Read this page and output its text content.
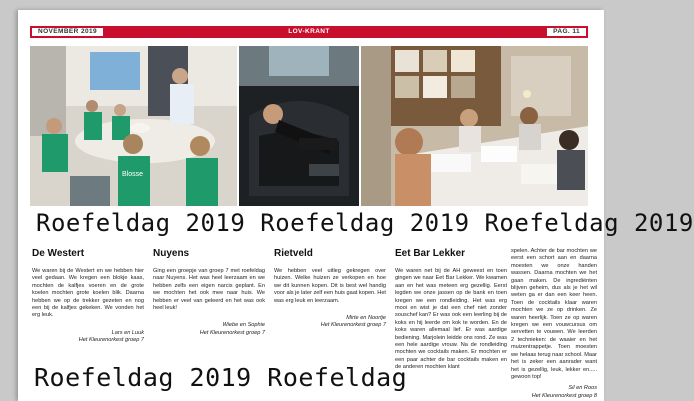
NOVEMBER 2019	LOV-KRANT	PAG. 11
Blosse
Roefeldag 2019 Roefeldag 2019 Roefeldag 2019
De Westert

We waren bij de Westert en we hebben hier veel gedaan. We kregen een blokje kaas, mochten de kalfjes voeren en de grote koelen mochten grote koelen blik. Daarna hebben we op de trekker gezeten en nog een bij de kalfjes gekeken. We vonden het erg leuk.

Lars en Luuk
Het Kleurenorkest groep 7
Nuyens

Ging een groepje van groep 7 met roefeldag naar Nuyens. Het was heel leerzaam en we hebben zelfs een eigen narcis geplant. En we mochten het ook mee naar huis. We hebben er veel van geleerd en het was ook heel leuk!

Wiebe en Sophie
Het Kleurenorkest groep 7
Rietveld

We hebben veel uitleg gekregen over huizen. Welke huizen ze verkopen en hoe we dit kunnen kopen. Dit is best wel handig voor als je later zelf een huis gaat kopen. Het was erg leuk en leerzaam.

Mirte en Noortje
Het Kleurenorkest groep 7
Eet Bar Lekker

We waren net bij de AH geweest en toen gingen we naar Eet Bar Lekker. We kwamen aan en het was meteen erg gezellig. Eerst legden we onze jassen op de bank en toen kregen we een rondleiding. Het was erg mooi en wist je dat een chef niet zonder souschef kan? Er was ook een leerling bij de koks en hij leerde om kok te worden. En de koks waren allemaal lief. Er was aardige bediening. Marjolein leidde ons rond. Ze was een hele aardige vrouw. Na de rondleiding mochten we cocktails maken. Er mochten er een paar achter de bar cocktails maken en de anderen mochten klant

spelen. Achter de bar mochten we eerst een schort aan en daarna moesten we onze handen wassen. Daarna mochten we het gaan maken. De ingrediënten blijven geheim, dus als je het wil weten ga er dan een keer heen. Toen de cocktails klaar waren mochten we ze op drinken. Ze waren heerlijk. Toen ze op waren kregen we een vouwcursus om servetten te vouwen. We leerden 2 technieken: de waaier en het muizentrappetje. Toen moesten we helaas terug naar school. Maar het is zeker een aanrader want het is gezellig, leuk, lekker en..... gewoon top!

Sil en Roos
Het Kleurenorkest groep 8
Roefeldag 2019 Roefeldag
